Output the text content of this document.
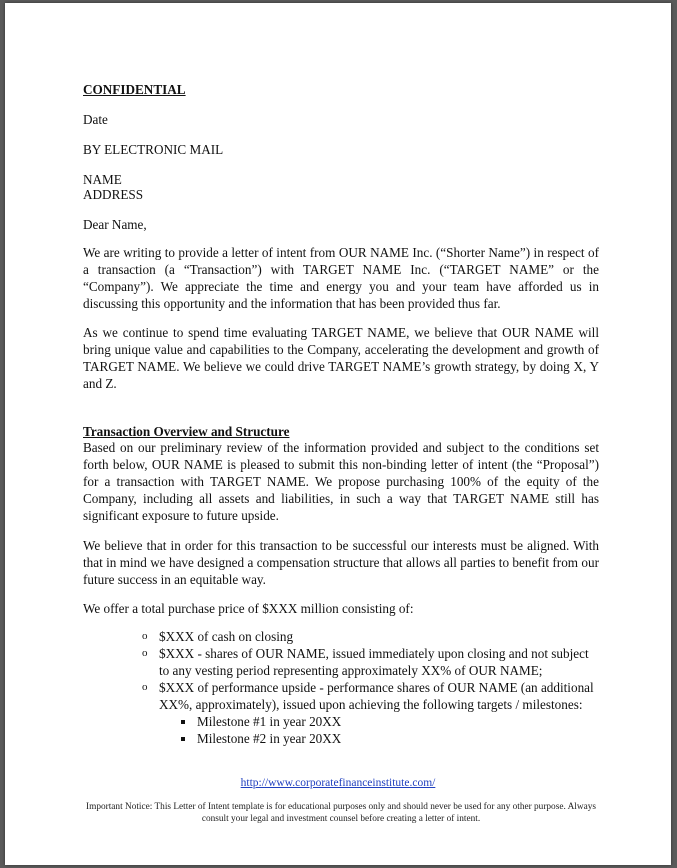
CONFIDENTIAL

Date

BY ELECTRONIC MAIL

NAME

ADDRESS

Dear Name,

We are writing to provide a letter of intent from OUR NAME Inc. (“Shorter Name”) in respect of a transaction (a “Transaction”) with TARGET NAME Inc. (“TARGET NAME” or the “Company”). We appreciate the time and energy you and your team have afforded us in discussing this opportunity and the information that has been provided thus far.

As we continue to spend time evaluating TARGET NAME, we believe that OUR NAME will bring unique value and capabilities to the Company, accelerating the development and growth of TARGET NAME. We believe we could drive TARGET NAME’s growth strategy, by doing X, Y and Z.

Transaction Overview and Structure

Based on our preliminary review of the information provided and subject to the conditions set forth below, OUR NAME is pleased to submit this non-binding letter of intent (the “Proposal”) for a transaction with TARGET NAME. We propose purchasing 100% of the equity of the Company, including all assets and liabilities, in such a way that TARGET NAME still has significant exposure to future upside.

We believe that in order for this transaction to be successful our interests must be aligned. With that in mind we have designed a compensation structure that allows all parties to benefit from our future success in an equitable way.

We offer a total purchase price of $XXX million consisting of:

o $XXX of cash on closing
o $XXX - shares of OUR NAME, issued immediately upon closing and not subject to any vesting period representing approximately XX% of OUR NAME;
o $XXX of performance upside - performance shares of OUR NAME (an additional XX%, approximately), issued upon achieving the following targets / milestones:
Milestone #1 in year 20XX
Milestone #2 in year 20XX
http://www.corporatefinanceinstitute.com/
Important Notice: This Letter of Intent template is for educational purposes only and should never be used for any other purpose. Always consult your legal and investment counsel before creating a letter of intent.
